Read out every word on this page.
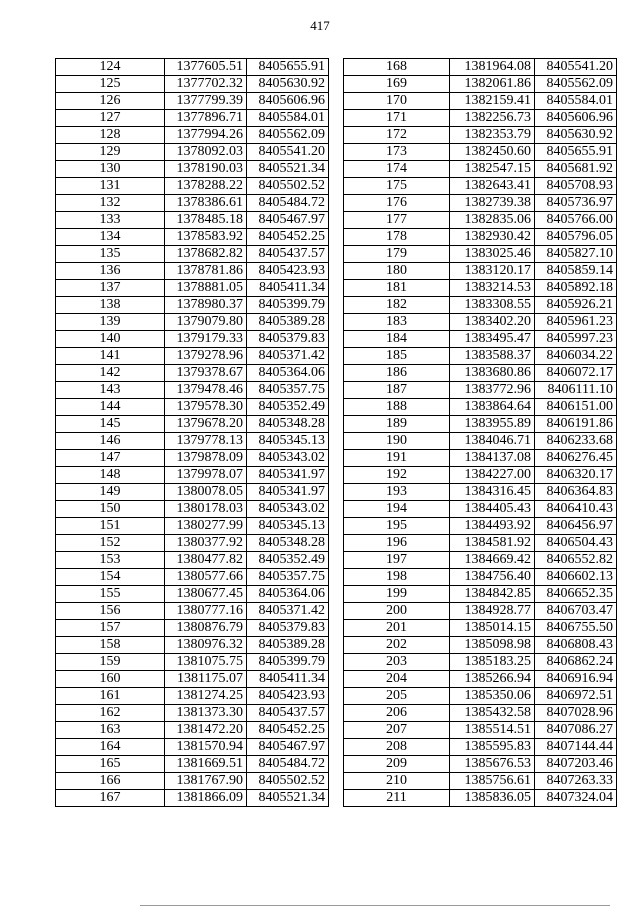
417
124	1377605.51	8405655.91
125	1377702.32	8405630.92
126	1377799.39	8405606.96
127	1377896.71	8405584.01
128	1377994.26	8405562.09
129	1378092.03	8405541.20
130	1378190.03	8405521.34
131	1378288.22	8405502.52
132	1378386.61	8405484.72
133	1378485.18	8405467.97
134	1378583.92	8405452.25
135	1378682.82	8405437.57
136	1378781.86	8405423.93
137	1378881.05	8405411.34
138	1378980.37	8405399.79
139	1379079.80	8405389.28
140	1379179.33	8405379.83
141	1379278.96	8405371.42
142	1379378.67	8405364.06
143	1379478.46	8405357.75
144	1379578.30	8405352.49
145	1379678.20	8405348.28
146	1379778.13	8405345.13
147	1379878.09	8405343.02
148	1379978.07	8405341.97
149	1380078.05	8405341.97
150	1380178.03	8405343.02
151	1380277.99	8405345.13
152	1380377.92	8405348.28
153	1380477.82	8405352.49
154	1380577.66	8405357.75
155	1380677.45	8405364.06
156	1380777.16	8405371.42
157	1380876.79	8405379.83
158	1380976.32	8405389.28
159	1381075.75	8405399.79
160	1381175.07	8405411.34
161	1381274.25	8405423.93
162	1381373.30	8405437.57
163	1381472.20	8405452.25
164	1381570.94	8405467.97
165	1381669.51	8405484.72
166	1381767.90	8405502.52
167	1381866.09	8405521.34
168	1381964.08	8405541.20
169	1382061.86	8405562.09
170	1382159.41	8405584.01
171	1382256.73	8405606.96
172	1382353.79	8405630.92
173	1382450.60	8405655.91
174	1382547.15	8405681.92
175	1382643.41	8405708.93
176	1382739.38	8405736.97
177	1382835.06	8405766.00
178	1382930.42	8405796.05
179	1383025.46	8405827.10
180	1383120.17	8405859.14
181	1383214.53	8405892.18
182	1383308.55	8405926.21
183	1383402.20	8405961.23
184	1383495.47	8405997.23
185	1383588.37	8406034.22
186	1383680.86	8406072.17
187	1383772.96	8406111.10
188	1383864.64	8406151.00
189	1383955.89	8406191.86
190	1384046.71	8406233.68
191	1384137.08	8406276.45
192	1384227.00	8406320.17
193	1384316.45	8406364.83
194	1384405.43	8406410.43
195	1384493.92	8406456.97
196	1384581.92	8406504.43
197	1384669.42	8406552.82
198	1384756.40	8406602.13
199	1384842.85	8406652.35
200	1384928.77	8406703.47
201	1385014.15	8406755.50
202	1385098.98	8406808.43
203	1385183.25	8406862.24
204	1385266.94	8406916.94
205	1385350.06	8406972.51
206	1385432.58	8407028.96
207	1385514.51	8407086.27
208	1385595.83	8407144.44
209	1385676.53	8407203.46
210	1385756.61	8407263.33
211	1385836.05	8407324.04
